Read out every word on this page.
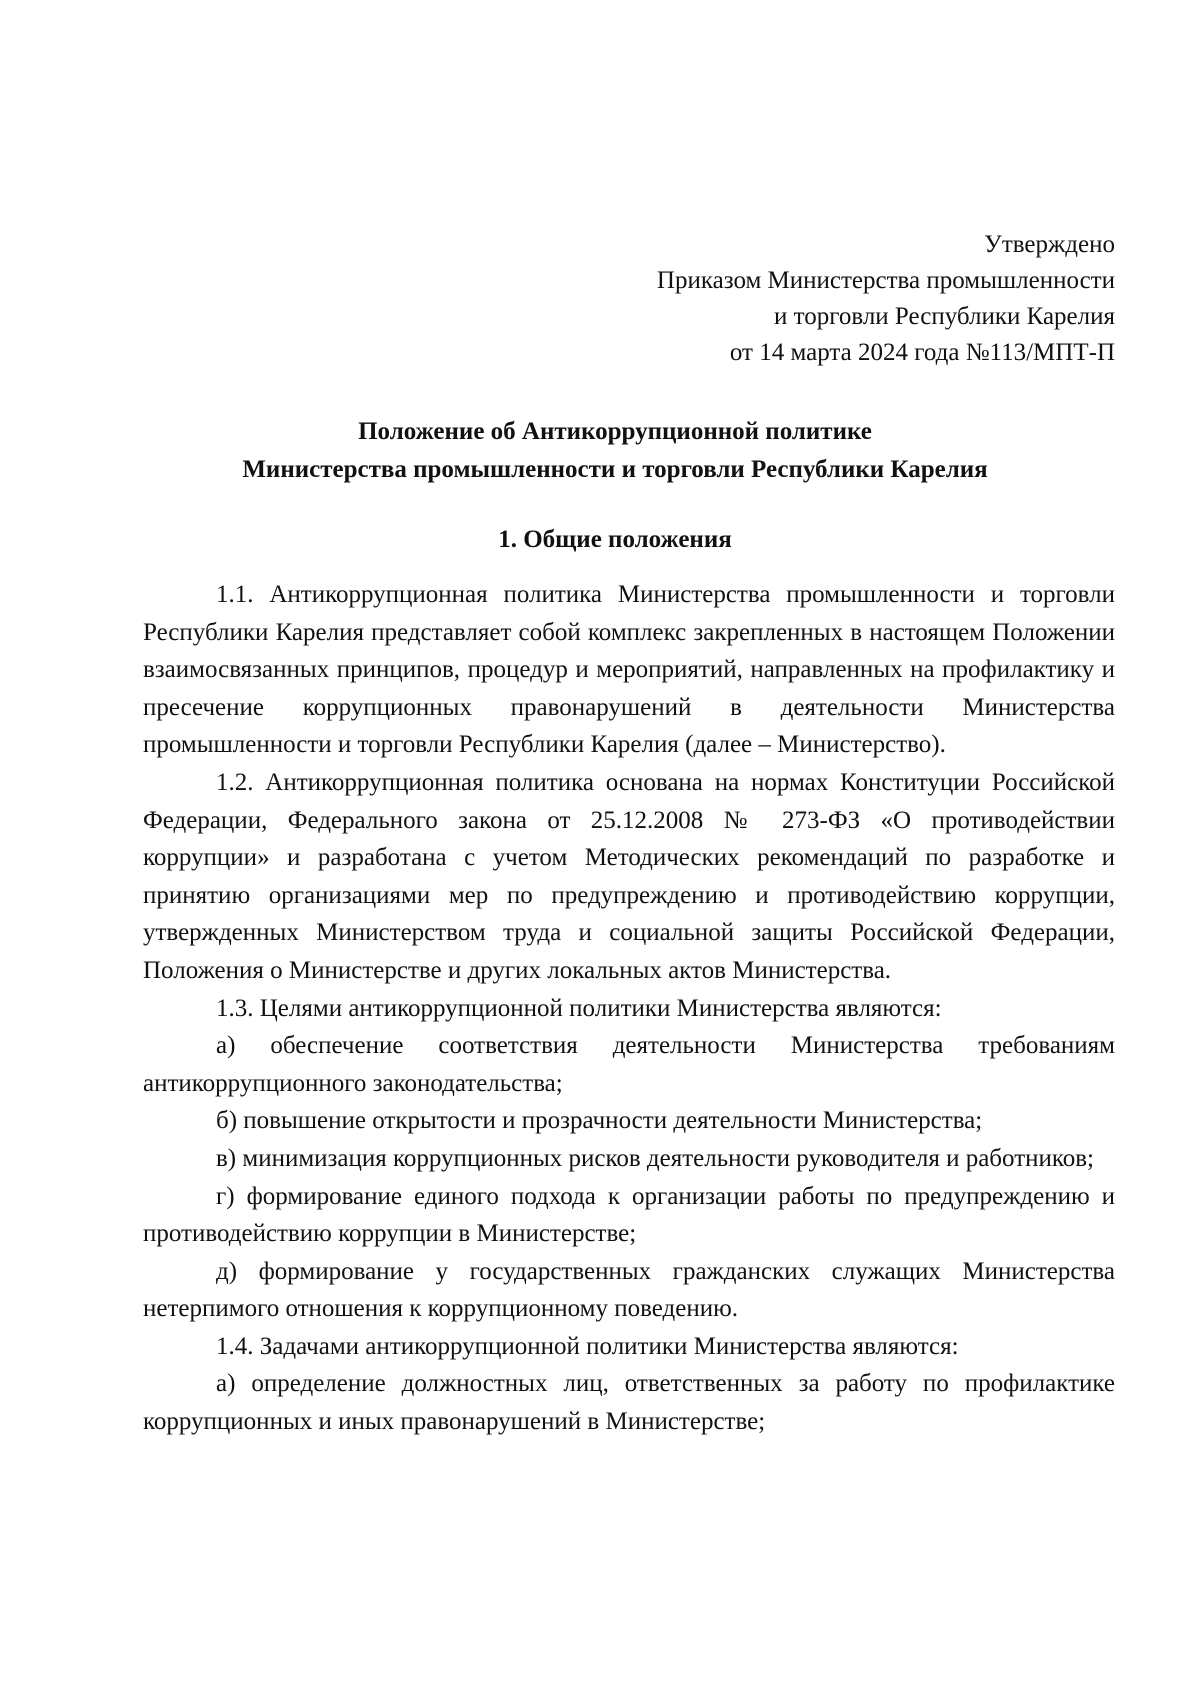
Утверждено
Приказом Министерства промышленности
и торговли Республики Карелия
от 14 марта 2024 года №113/МПТ-П
Положение об Антикоррупционной политике
Министерства промышленности и торговли Республики Карелия
1. Общие положения

1.1. Антикоррупционная политика Министерства промышленности и торговли Республики Карелия представляет собой комплекс закрепленных в настоящем Положении взаимосвязанных принципов, процедур и мероприятий, направленных на профилактику и пресечение коррупционных правонарушений в деятельности Министерства промышленности и торговли Республики Карелия (далее – Министерство).

1.2. Антикоррупционная политика основана на нормах Конституции Российской Федерации, Федерального закона от 25.12.2008 № 273-ФЗ «О противодействии коррупции» и разработана с учетом Методических рекомендаций по разработке и принятию организациями мер по предупреждению и противодействию коррупции, утвержденных Министерством труда и социальной защиты Российской Федерации, Положения о Министерстве и других локальных актов Министерства.

1.3. Целями антикоррупционной политики Министерства являются:

а) обеспечение соответствия деятельности Министерства требованиям антикоррупционного законодательства;

б) повышение открытости и прозрачности деятельности Министерства;

в) минимизация коррупционных рисков деятельности руководителя и работников;

г) формирование единого подхода к организации работы по предупреждению и противодействию коррупции в Министерстве;

д) формирование у государственных гражданских служащих Министерства нетерпимого отношения к коррупционному поведению.

1.4. Задачами антикоррупционной политики Министерства являются:

а) определение должностных лиц, ответственных за работу по профилактике коррупционных и иных правонарушений в Министерстве;
